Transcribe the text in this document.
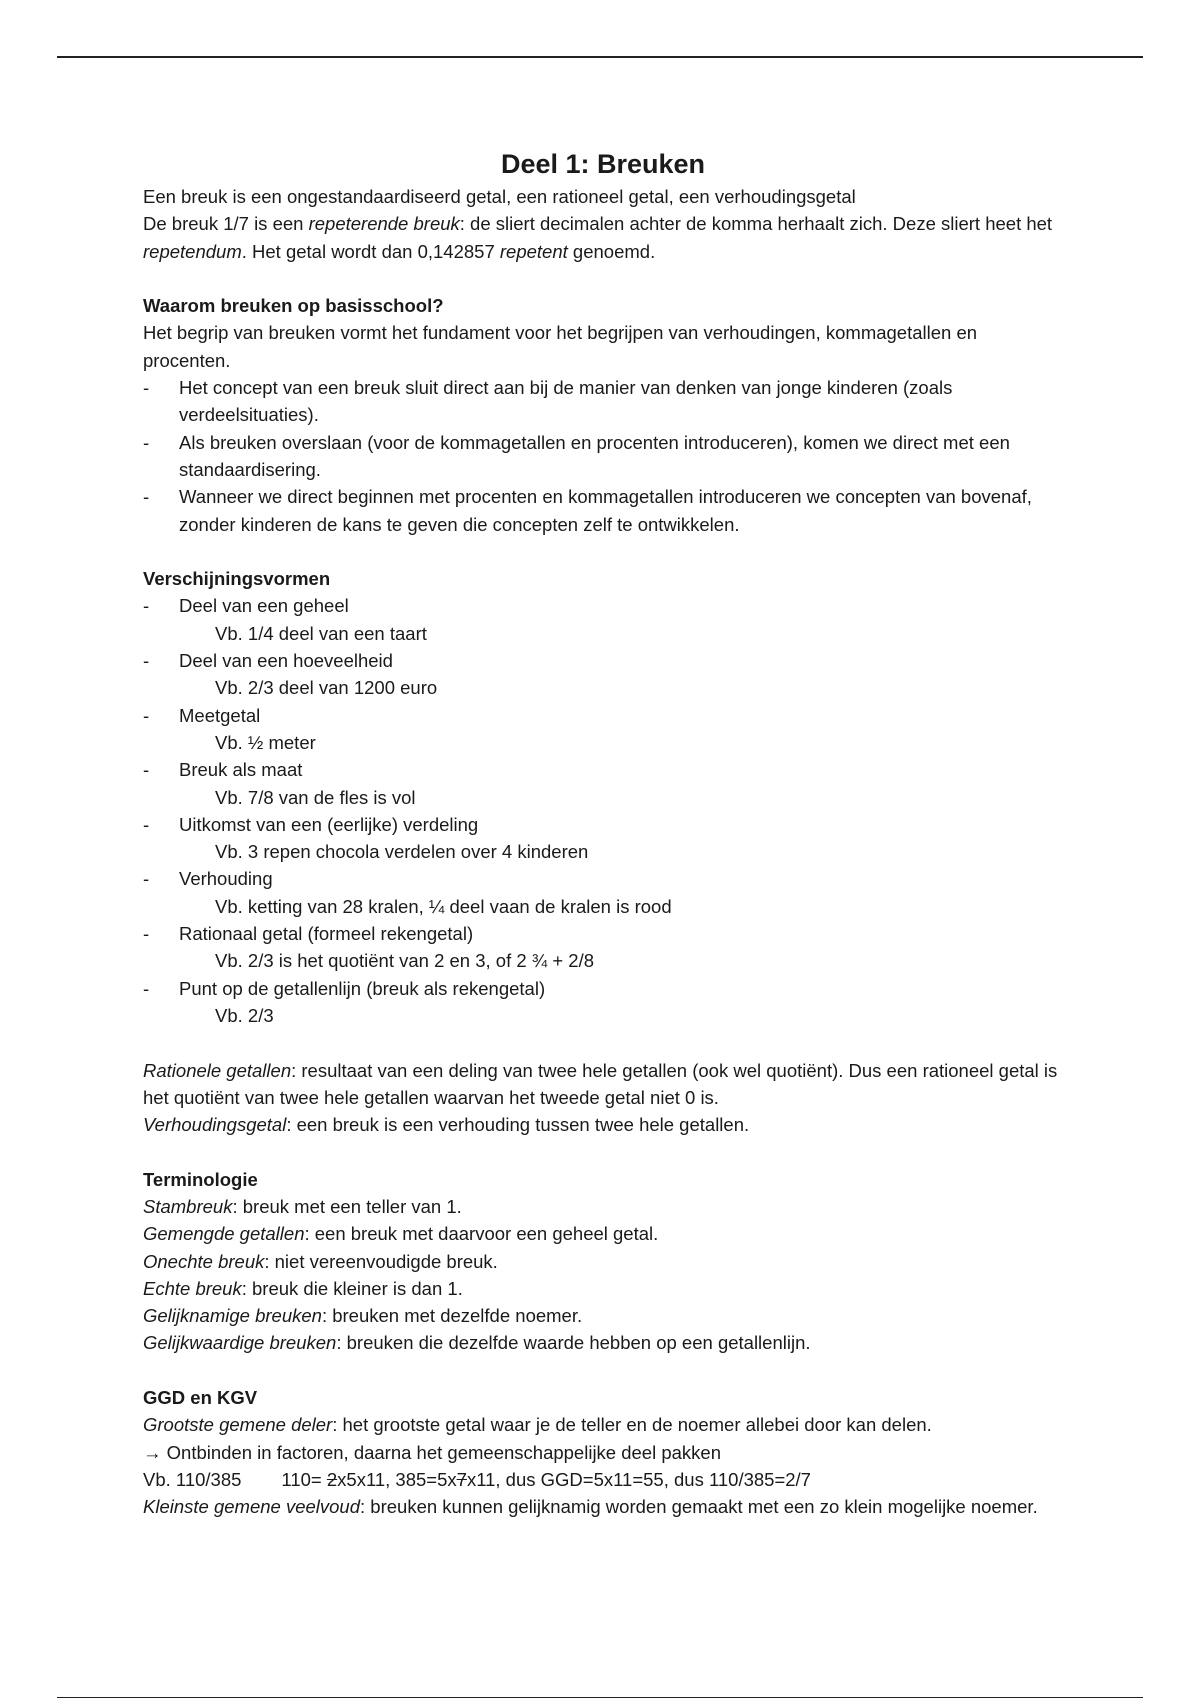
Deel 1: Breuken

Een breuk is een ongestandaardiseerd getal, een rationeel getal, een verhoudingsgetal

De breuk 1/7 is een repeterende breuk: de sliert decimalen achter de komma herhaalt zich. Deze sliert heet het repetendum. Het getal wordt dan 0,142857 repetent genoemd.

Waarom breuken op basisschool?

Het begrip van breuken vormt het fundament voor het begrijpen van verhoudingen, kommagetallen en procenten.

-	Het concept van een breuk sluit direct aan bij de manier van denken van jonge kinderen (zoals verdeelsituaties).
-	Als breuken overslaan (voor de kommagetallen en procenten introduceren), komen we direct met een standaardisering.
-	Wanneer we direct beginnen met procenten en kommagetallen introduceren we concepten van bovenaf, zonder kinderen de kans te geven die concepten zelf te ontwikkelen.

Verschijningsvormen

-	Deel van een geheel

Vb. 1/4 deel van een taart

-	Deel van een hoeveelheid

Vb. 2/3 deel van 1200 euro

-	Meetgetal

Vb. ½ meter

-	Breuk als maat

Vb. 7/8 van de fles is vol

-	Uitkomst van een (eerlijke) verdeling

Vb. 3 repen chocola verdelen over 4 kinderen

-	Verhouding

Vb. ketting van 28 kralen, ¼ deel vaan de kralen is rood

-	Rationaal getal (formeel rekengetal)

Vb. 2/3 is het quotiënt van 2 en 3, of 2 ¾ + 2/8

-	Punt op de getallenlijn (breuk als rekengetal)

Vb. 2/3

Rationele getallen: resultaat van een deling van twee hele getallen (ook wel quotiënt). Dus een rationeel getal is het quotiënt van twee hele getallen waarvan het tweede getal niet 0 is.

Verhoudingsgetal: een breuk is een verhouding tussen twee hele getallen.

Terminologie

Stambreuk: breuk met een teller van 1.

Gemengde getallen: een breuk met daarvoor een geheel getal.

Onechte breuk: niet vereenvoudigde breuk.

Echte breuk: breuk die kleiner is dan 1.

Gelijknamige breuken: breuken met dezelfde noemer.

Gelijkwaardige breuken: breuken die dezelfde waarde hebben op een getallenlijn.

GGD en KGV

Grootste gemene deler: het grootste getal waar je de teller en de noemer allebei door kan delen.

→ Ontbinden in factoren, daarna het gemeenschappelijke deel pakken

Vb. 110/385 110= 2x5x11, 385=5x7x11, dus GGD=5x11=55, dus 110/385=2/7

Kleinste gemene veelvoud: breuken kunnen gelijknamig worden gemaakt met een zo klein mogelijke noemer.
